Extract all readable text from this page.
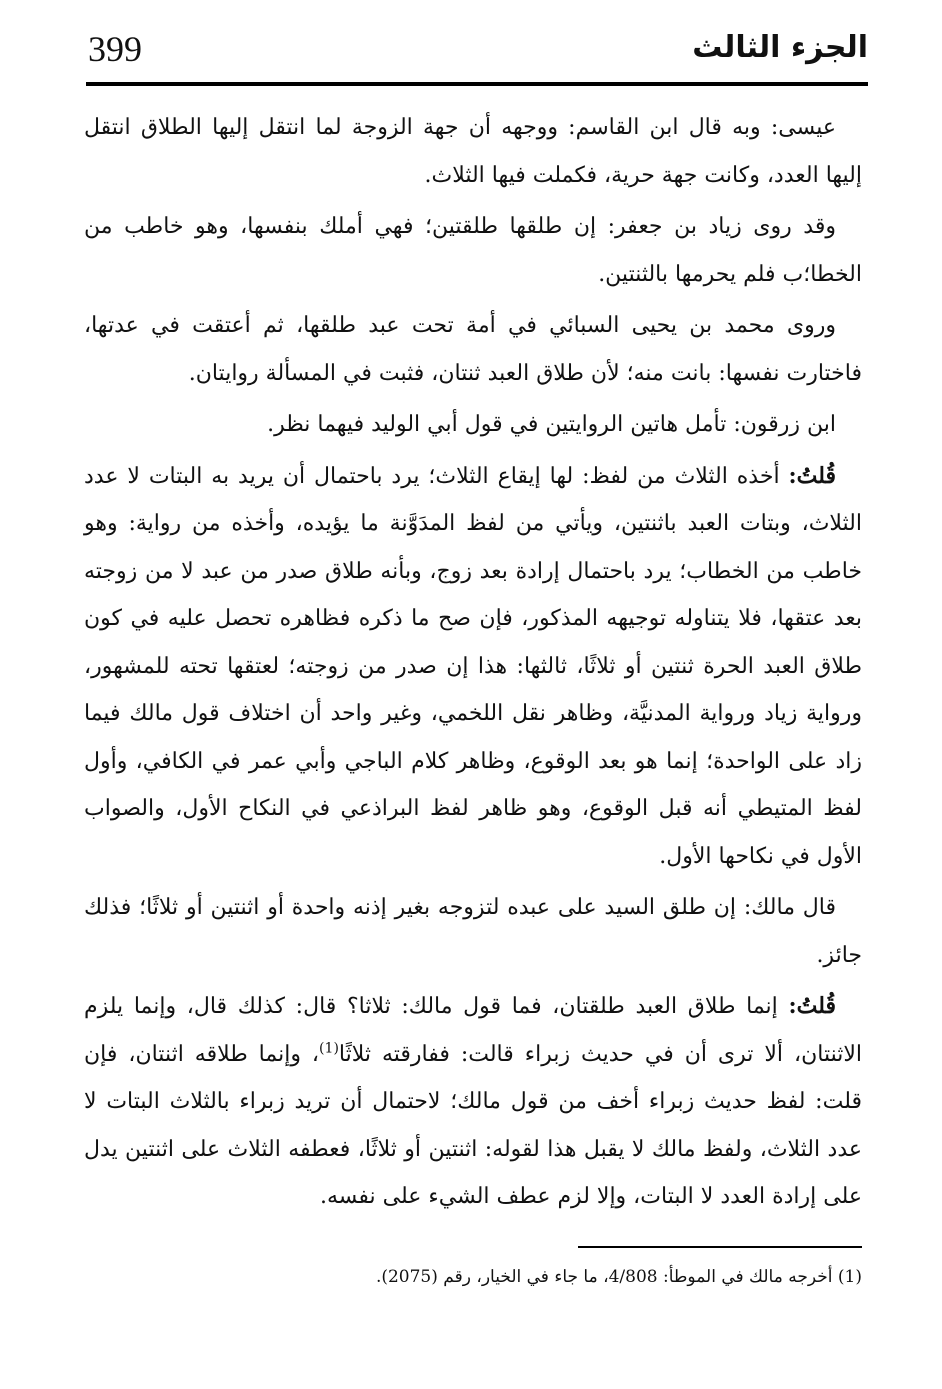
الجزء الثالث
399

عيسى: وبه قال ابن القاسم: ووجهه أن جهة الزوجة لما انتقل إليها الطلاق انتقل إليها العدد، وكانت جهة حرية، فكملت فيها الثلاث.

وقد روى زياد بن جعفر: إن طلقها طلقتين؛ فهي أملك بنفسها، وهو خاطب من الخطا؛ب فلم يحرمها بالثنتين.

وروى محمد بن يحيى السبائي في أمة تحت عبد طلقها، ثم أعتقت في عدتها، فاختارت نفسها: بانت منه؛ لأن طلاق العبد ثنتان، فثبت في المسألة روايتان.

ابن زرقون: تأمل هاتين الروايتين في قول أبي الوليد فيهما نظر.

قُلتُ: أخذه الثلاث من لفظ: لها إيقاع الثلاث؛ يرد باحتمال أن يريد به البتات لا عدد الثلاث، وبتات العبد باثنتين، ويأتي من لفظ المدَوَّنة ما يؤيده، وأخذه من رواية: وهو خاطب من الخطاب؛ يرد باحتمال إرادة بعد زوج، وبأنه طلاق صدر من عبد لا من زوجته بعد عتقها، فلا يتناوله توجيهه المذكور، فإن صح ما ذكره فظاهره تحصل عليه في كون طلاق العبد الحرة ثنتين أو ثلاثًا، ثالثها: هذا إن صدر من زوجته؛ لعتقها تحته للمشهور، ورواية زياد ورواية المدنيَّة، وظاهر نقل اللخمي، وغير واحد أن اختلاف قول مالك فيما زاد على الواحدة؛ إنما هو بعد الوقوع، وظاهر كلام الباجي وأبي عمر في الكافي، وأول لفظ المتيطي أنه قبل الوقوع، وهو ظاهر لفظ البراذعي في النكاح الأول، والصواب الأول في نكاحها الأول.

قال مالك: إن طلق السيد على عبده لتزوجه بغير إذنه واحدة أو اثنتين أو ثلاثًا؛ فذلك جائز.

قُلتُ: إنما طلاق العبد طلقتان، فما قول مالك: ثلاثا؟ قال: كذلك قال، وإنما يلزم الاثنتان، ألا ترى أن في حديث زبراء قالت: ففارقته ثلاثًا$^{(1)}$، وإنما طلاقه اثنتان، فإن قلت: لفظ حديث زبراء أخف من قول مالك؛ لاحتمال أن تريد زبراء بالثلاث البتات لا عدد الثلاث، ولفظ مالك لا يقبل هذا لقوله: اثنتين أو ثلاثًا، فعطفه الثلاث على اثنتين يدل على إرادة العدد لا البتات، وإلا لزم عطف الشيء على نفسه.

(1) أخرجه مالك في الموطأ: 4/808، ما جاء في الخيار، رقم (2075).
